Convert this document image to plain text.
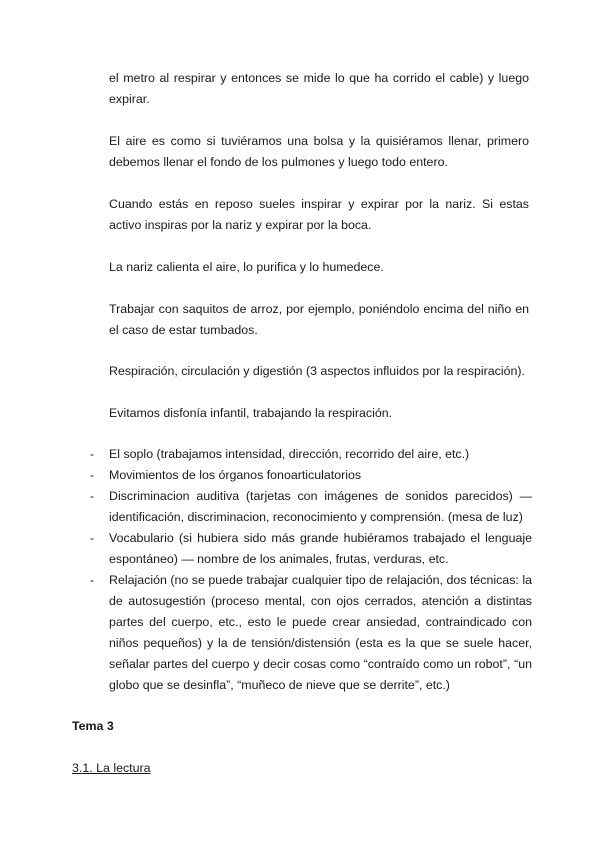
el metro al respirar y entonces se mide lo que ha corrido el cable) y luego expirar.

El aire es como si tuviéramos una bolsa y la quisiéramos llenar, primero debemos llenar el fondo de los pulmones y luego todo entero.

Cuando estás en reposo sueles inspirar y expirar por la nariz. Si estas activo inspiras por la nariz y expirar por la boca.

La nariz calienta el aire, lo purifica y lo humedece.

Trabajar con saquitos de arroz, por ejemplo, poniéndolo encima del niño en el caso de estar tumbados.

Respiración, circulación y digestión (3 aspectos influidos por la respiración).

Evitamos disfonía infantil, trabajando la respiración.

- El soplo (trabajamos intensidad, dirección, recorrido del aire, etc.)
- Movimientos de los órganos fonoarticulatorios
- Discriminacion auditiva (tarjetas con imágenes de sonidos parecidos) — identificación, discriminacion, reconocimiento y comprensión. (mesa de luz)
- Vocabulario (si hubiera sido más grande hubiéramos trabajado el lenguaje espontáneo) — nombre de los animales, frutas, verduras, etc.
- Relajación (no se puede trabajar cualquier tipo de relajación, dos técnicas: la de autosugestión (proceso mental, con ojos cerrados, atención a distintas partes del cuerpo, etc., esto le puede crear ansiedad, contraindicado con niños pequeños) y la de tensión/distensión (esta es la que se suele hacer, señalar partes del cuerpo y decir cosas como “contraído como un robot”, “un globo que se desinfla”, “muñeco de nieve que se derrite”, etc.)
Tema 3
3.1. La lectura
